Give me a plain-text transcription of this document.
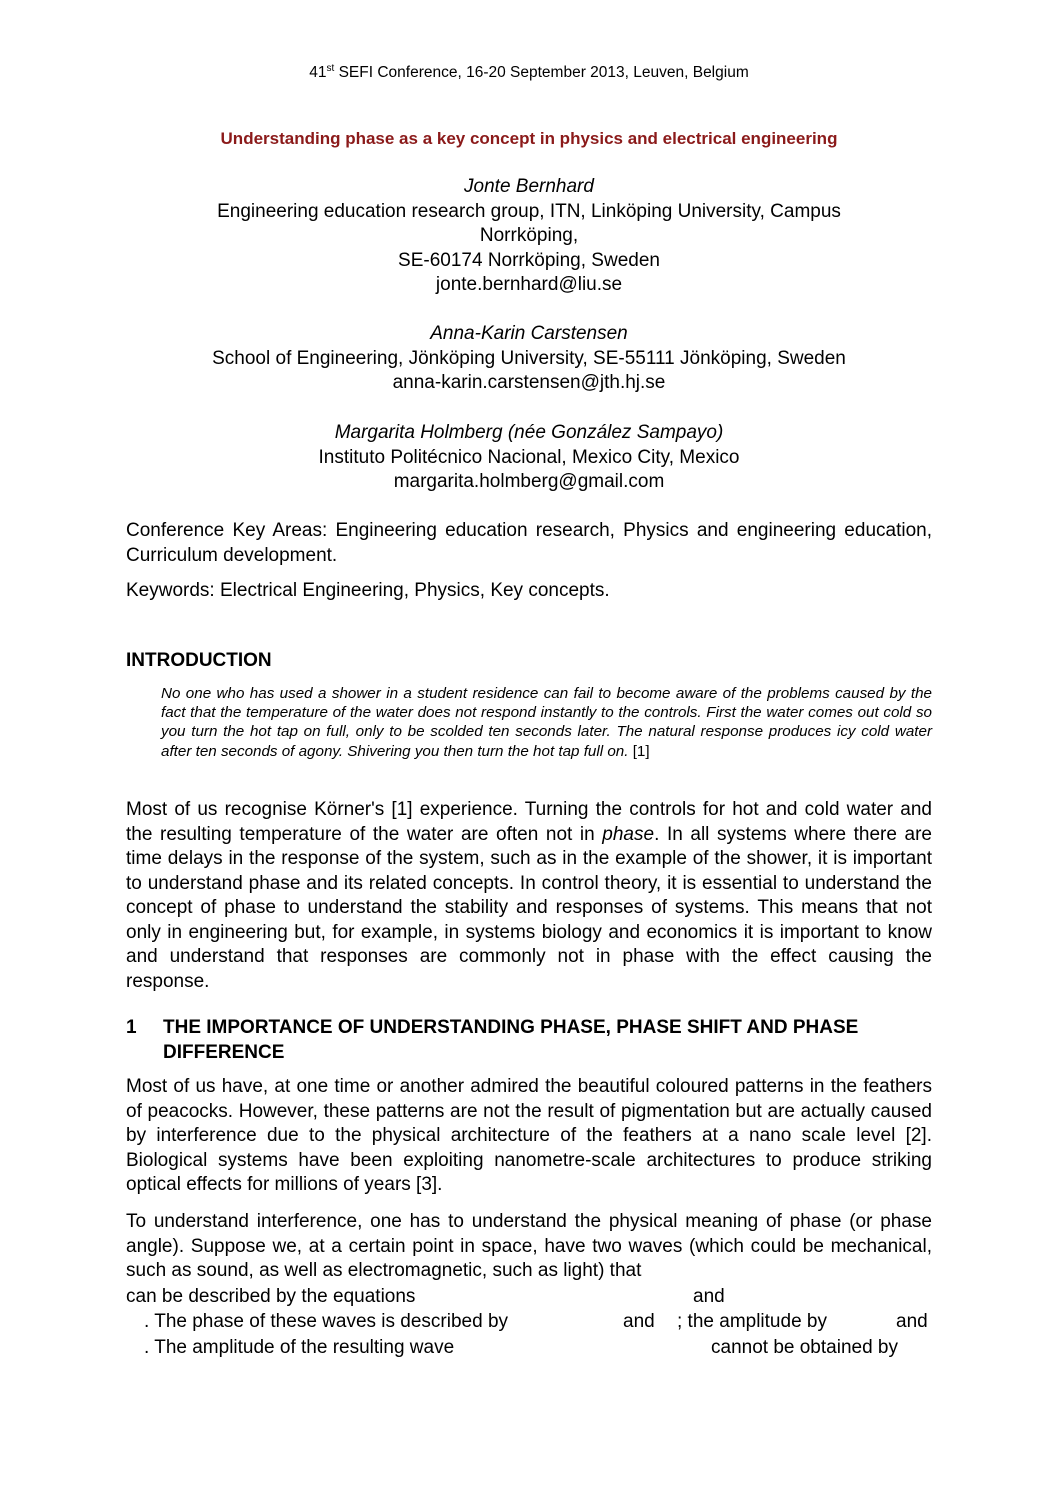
41st SEFI Conference, 16-20 September 2013, Leuven, Belgium
Understanding phase as a key concept in physics and electrical engineering
Jonte Bernhard
Engineering education research group, ITN, Linköping University, Campus
Norrköping,
SE-60174 Norrköping, Sweden
jonte.bernhard@liu.se
Anna-Karin Carstensen
School of Engineering, Jönköping University, SE-55111 Jönköping, Sweden
anna-karin.carstensen@jth.hj.se
Margarita Holmberg (née González Sampayo)
Instituto Politécnico Nacional, Mexico City, Mexico
margarita.holmberg@gmail.com
Conference Key Areas: Engineering education research, Physics and engineering education, Curriculum development.
Keywords: Electrical Engineering, Physics, Key concepts.
INTRODUCTION
No one who has used a shower in a student residence can fail to become aware of the problems caused by the fact that the temperature of the water does not respond instantly to the controls. First the water comes out cold so you turn the hot tap on full, only to be scolded ten seconds later. The natural response produces icy cold water after ten seconds of agony. Shivering you then turn the hot tap full on. [1]
Most of us recognise Körner's [1] experience. Turning the controls for hot and cold water and the resulting temperature of the water are often not in phase. In all systems where there are time delays in the response of the system, such as in the example of the shower, it is important to understand phase and its related concepts. In control theory, it is essential to understand the concept of phase to understand the stability and responses of systems. This means that not only in engineering but, for example, in systems biology and economics it is important to know and understand that responses are commonly not in phase with the effect causing the response.
1 THE IMPORTANCE OF UNDERSTANDING PHASE, PHASE SHIFT AND PHASE DIFFERENCE
Most of us have, at one time or another admired the beautiful coloured patterns in the feathers of peacocks. However, these patterns are not the result of pigmentation but are actually caused by interference due to the physical architecture of the feathers at a nano scale level [2]. Biological systems have been exploiting nanometre-scale architectures to produce striking optical effects for millions of years [3].
To understand interference, one has to understand the physical meaning of phase (or phase angle). Suppose we, at a certain point in space, have two waves (which could be mechanical, such as sound, as well as electromagnetic, such as light) that
can be described by the equations	and
. The phase of these waves is described by	and ; the amplitude by	and
. The amplitude of the resulting wave	cannot be obtained by
